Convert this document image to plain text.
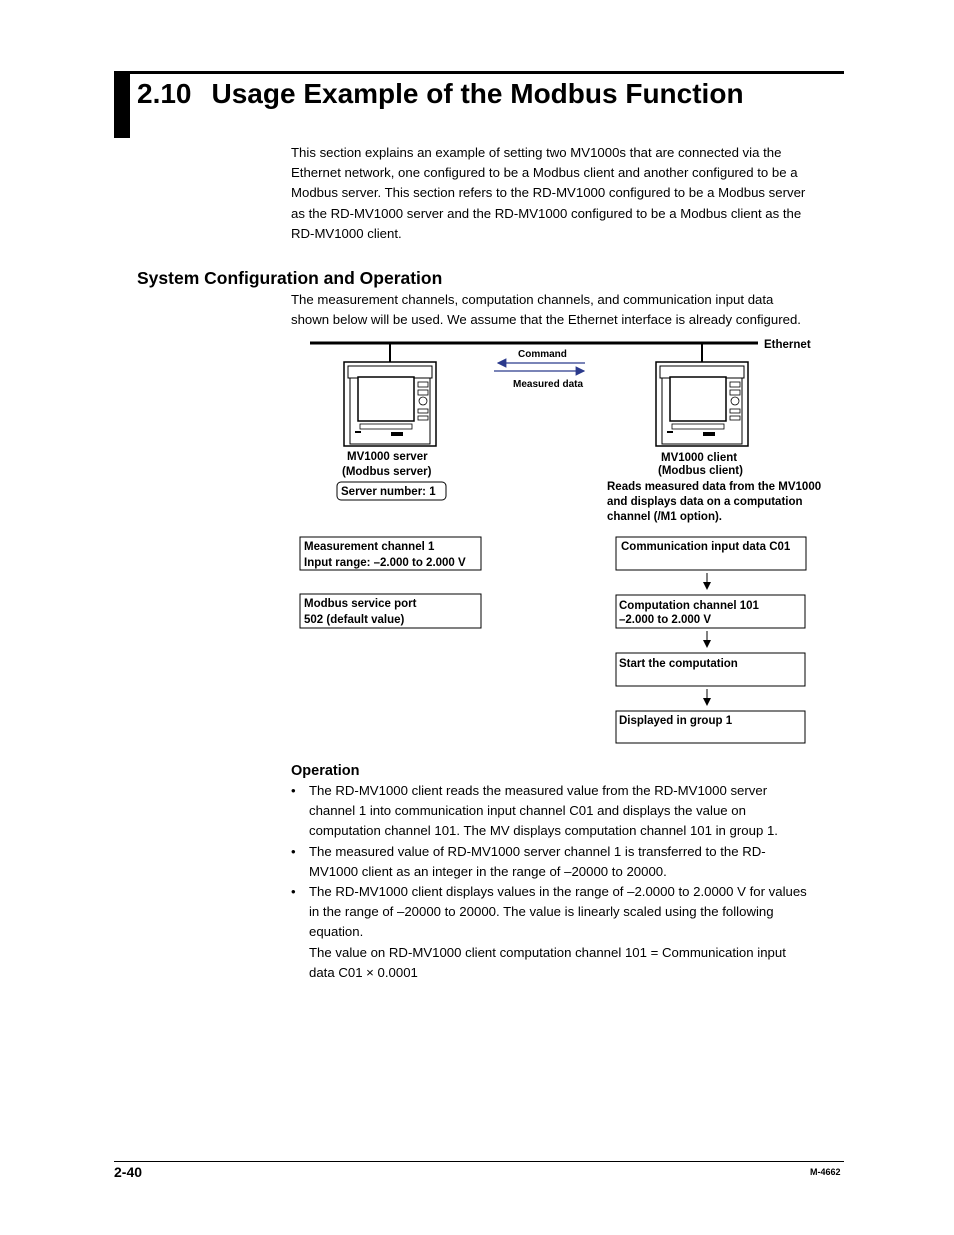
2.10 Usage Example of the Modbus Function
This section explains an example of setting two MV1000s that are connected via the
Ethernet network, one configured to be a Modbus client and another configured to be a
Modbus server. This section refers to the RD-MV1000 configured to be a Modbus server
as the RD-MV1000 server and the RD-MV1000 configured to be a Modbus client as the
RD-MV1000 client.
System Configuration and Operation
The measurement channels, computation channels, and communication input data
shown below will be used. We assume that the Ethernet interface is already configured.
Ethernet
Command
Measured data
MV1000 server
(Modbus server)
Server number: 1
MV1000 client
(Modbus client)
Reads measured data from the MV1000
and displays data on a computation
channel (/M1 option).
Measurement channel 1
Input range: –2.000 to 2.000 V
Modbus service port
502 (default value)
Communication input data C01
Computation channel 101
–2.000 to 2.000 V
Start the computation
Displayed in group 1
Operation
• The RD-MV1000 client reads the measured value from the RD-MV1000 server
channel 1 into communication input channel C01 and displays the value on
computation channel 101. The MV displays computation channel 101 in group 1.
• The measured value of RD-MV1000 server channel 1 is transferred to the RD-
MV1000 client as an integer in the range of –20000 to 20000.
• The RD-MV1000 client displays values in the range of –2.0000 to 2.0000 V for values
in the range of –20000 to 20000. The value is linearly scaled using the following
equation.
The value on RD-MV1000 client computation channel 101 = Communication input
data C01 × 0.0001
2-40	M-4662
